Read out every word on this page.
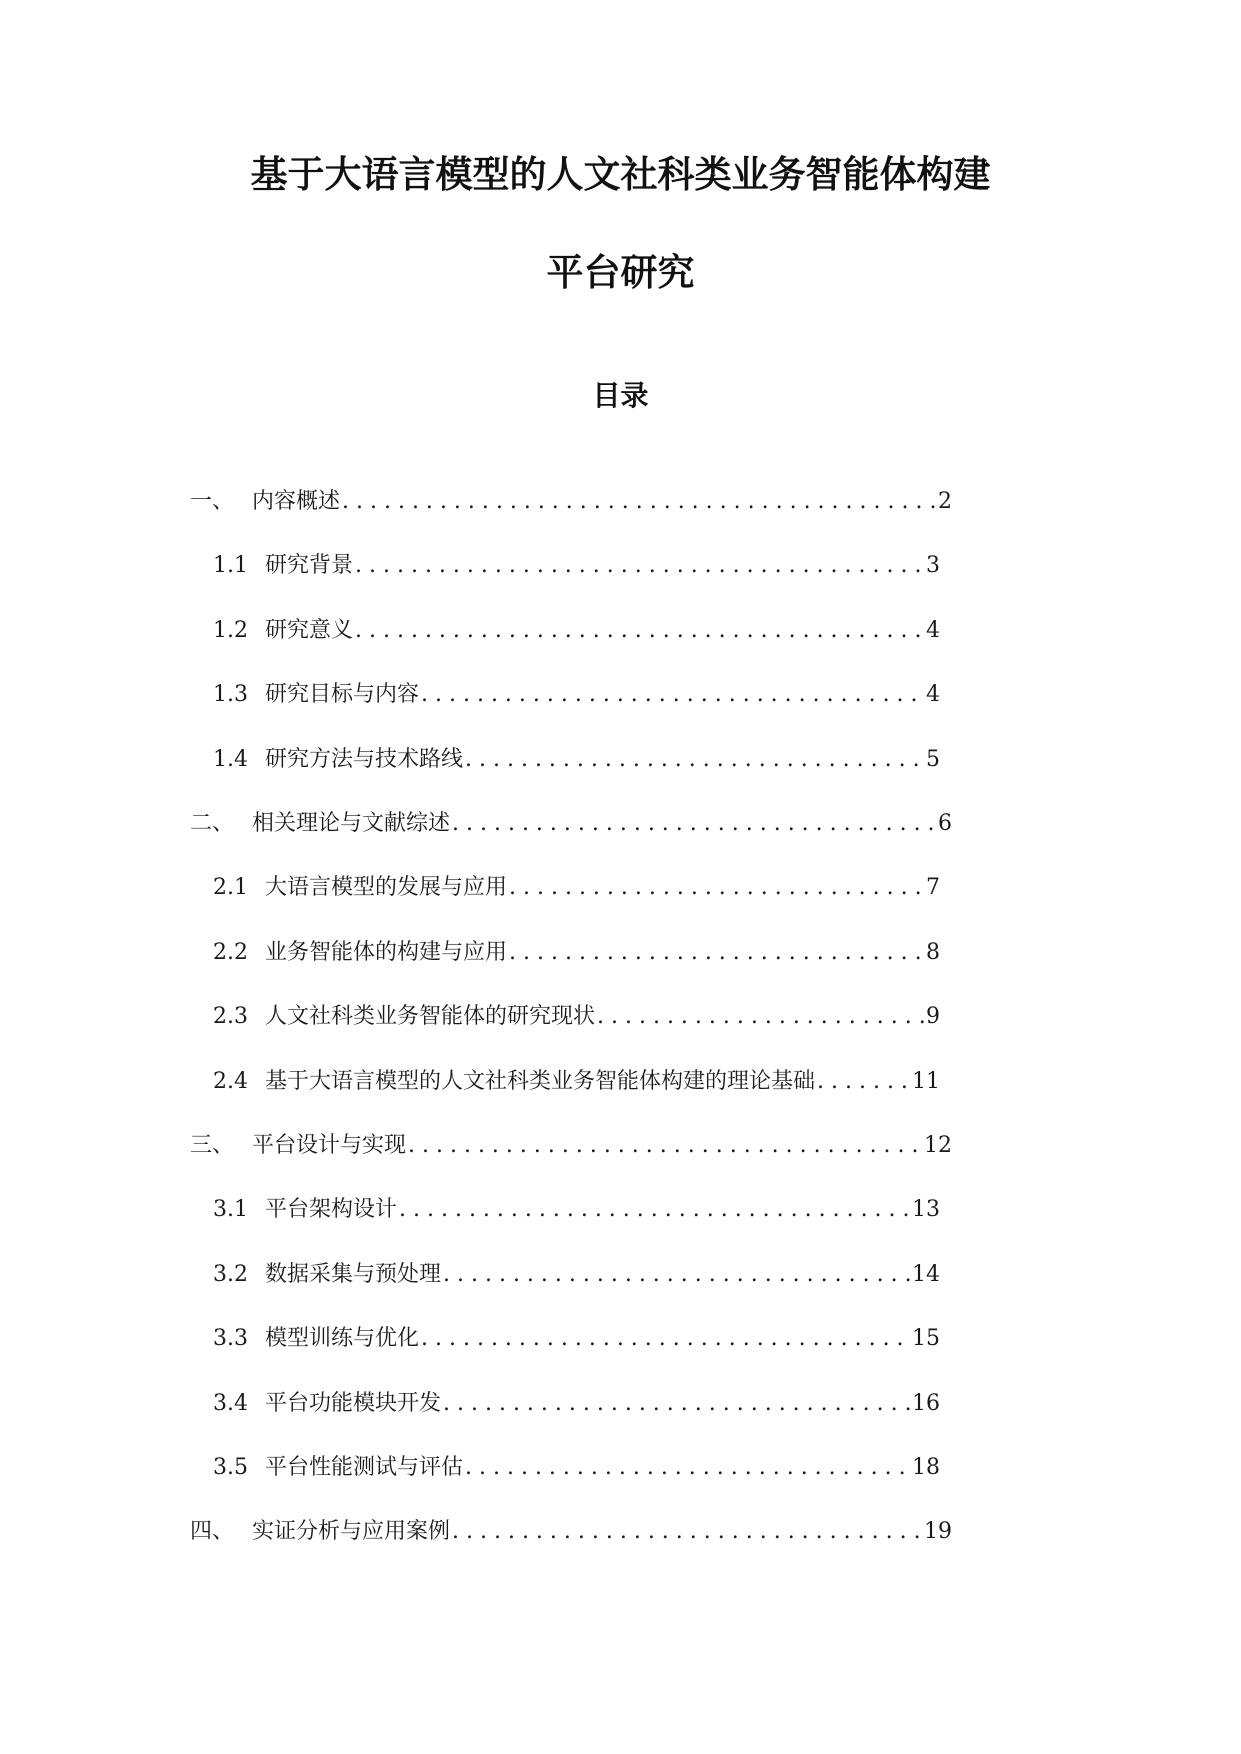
基于大语言模型的人文社科类业务智能体构建
平台研究
目录
一、 内容概述 . . .	2
1.1 研究背景 . . .	3
1.2 研究意义 . . .	4
1.3 研究目标与内容 . . .	4
1.4 研究方法与技术路线 . . .	5
二、 相关理论与文献综述 . . .	6
2.1 大语言模型的发展与应用 . . .	7
2.2 业务智能体的构建与应用 . . .	8
2.3 人文社科类业务智能体的研究现状 . . .	9
2.4 基于大语言模型的人文社科类业务智能体构建的理论基础 . . .	11
三、 平台设计与实现 . . .	12
3.1 平台架构设计 . . .	13
3.2 数据采集与预处理 . . .	14
3.3 模型训练与优化 . . .	15
3.4 平台功能模块开发 . . .	16
3.5 平台性能测试与评估 . . .	18
四、 实证分析与应用案例 . . .	19
